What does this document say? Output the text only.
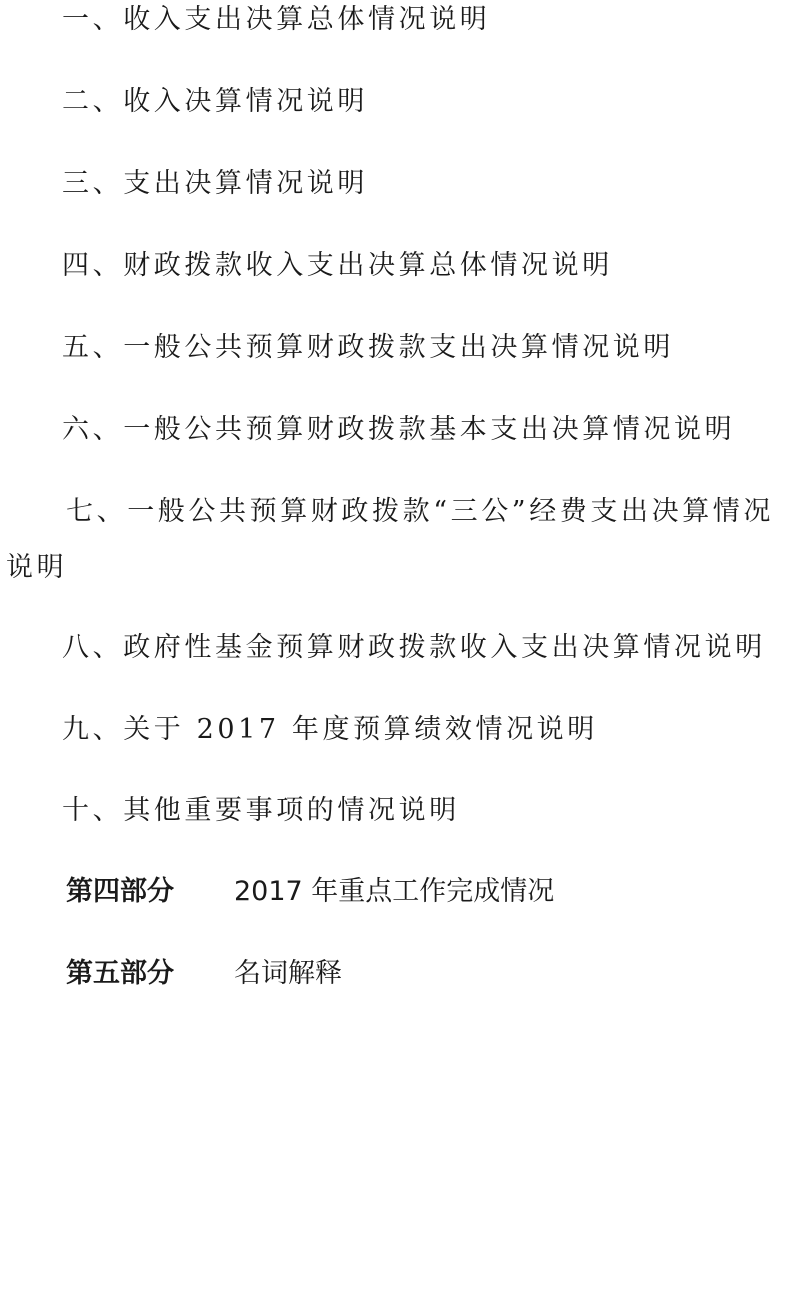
一、收入支出决算总体情况说明
二、收入决算情况说明
三、支出决算情况说明
四、财政拨款收入支出决算总体情况说明
五、一般公共预算财政拨款支出决算情况说明
六、一般公共预算财政拨款基本支出决算情况说明
七、一般公共预算财政拨款“三公”经费支出决算情况说明
八、政府性基金预算财政拨款收入支出决算情况说明
九、关于 2017 年度预算绩效情况说明
十、其他重要事项的情况说明
第四部分 2017 年重点工作完成情况
第五部分 名词解释
